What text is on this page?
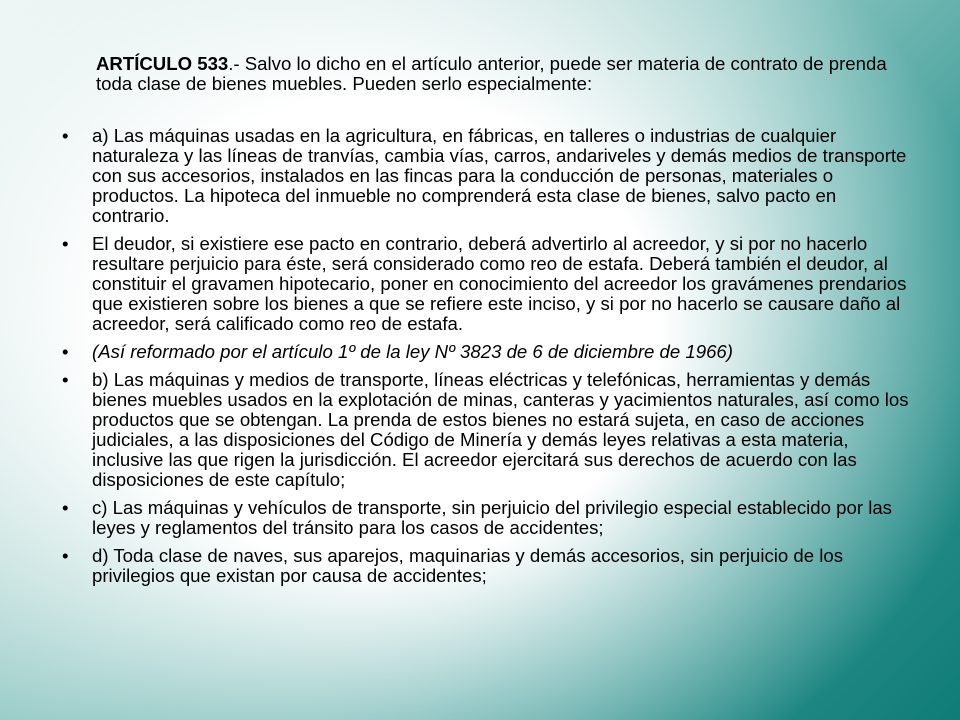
ARTÍCULO 533.- Salvo lo dicho en el artículo anterior, puede ser materia de contrato de prenda toda clase de bienes muebles. Pueden serlo especialmente:
• a) Las máquinas usadas en la agricultura, en fábricas, en talleres o industrias de cualquier naturaleza y las líneas de tranvías, cambia vías, carros, andariveles y demás medios de transporte con sus accesorios, instalados en las fincas para la conducción de personas, materiales o productos. La hipoteca del inmueble no comprenderá esta clase de bienes, salvo pacto en contrario.
• El deudor, si existiere ese pacto en contrario, deberá advertirlo al acreedor, y si por no hacerlo resultare perjuicio para éste, será considerado como reo de estafa. Deberá también el deudor, al constituir el gravamen hipotecario, poner en conocimiento del acreedor los gravámenes prendarios que existieren sobre los bienes a que se refiere este inciso, y si por no hacerlo se causare daño al acreedor, será calificado como reo de estafa.
• (Así reformado por el artículo 1º de la ley Nº 3823 de 6 de diciembre de 1966)
• b) Las máquinas y medios de transporte, líneas eléctricas y telefónicas, herramientas y demás bienes muebles usados en la explotación de minas, canteras y yacimientos naturales, así como los productos que se obtengan. La prenda de estos bienes no estará sujeta, en caso de acciones judiciales, a las disposiciones del Código de Minería y demás leyes relativas a esta materia, inclusive las que rigen la jurisdicción. El acreedor ejercitará sus derechos de acuerdo con las disposiciones de este capítulo;
• c) Las máquinas y vehículos de transporte, sin perjuicio del privilegio especial establecido por las leyes y reglamentos del tránsito para los casos de accidentes;
• d) Toda clase de naves, sus aparejos, maquinarias y demás accesorios, sin perjuicio de los privilegios que existan por causa de accidentes;
